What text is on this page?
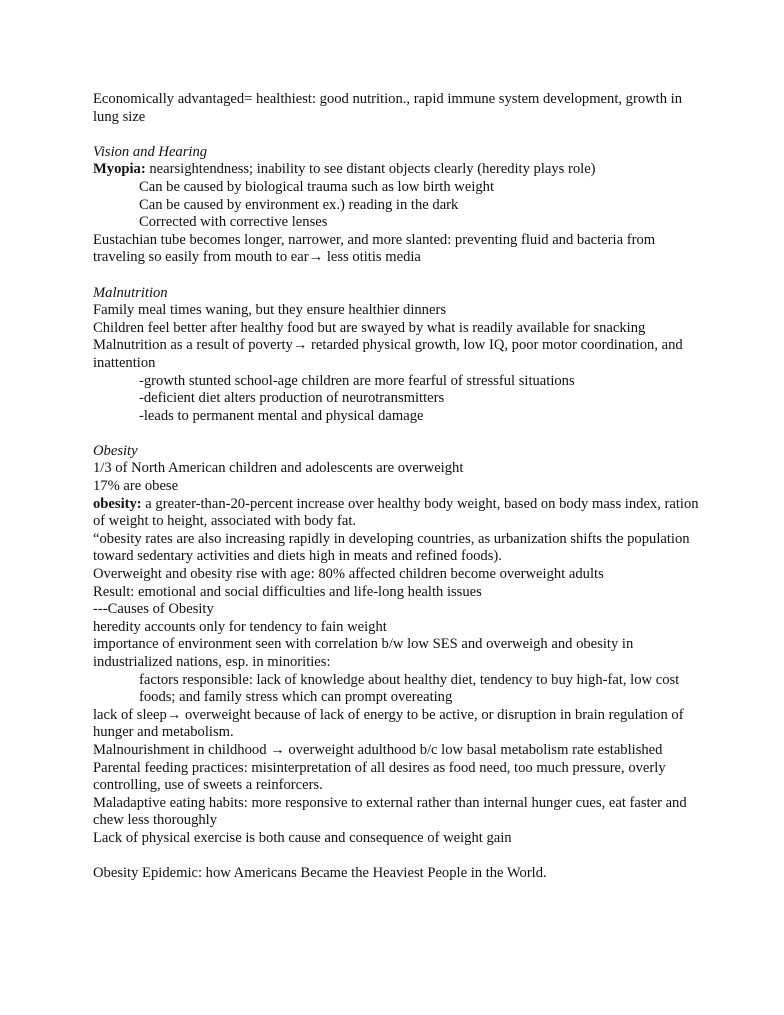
Economically advantaged= healthiest: good nutrition., rapid immune system development, growth in lung size

Vision and Hearing

Myopia: nearsightendness; inability to see distant objects clearly (heredity plays role)

Can be caused by biological trauma such as low birth weight

Can be caused by environment ex.) reading in the dark

Corrected with corrective lenses

Eustachian tube becomes longer, narrower, and more slanted: preventing fluid and bacteria from traveling so easily from mouth to ear→ less otitis media

Malnutrition

Family meal times waning, but they ensure healthier dinners

Children feel better after healthy food but are swayed by what is readily available for snacking

Malnutrition as a result of poverty→ retarded physical growth, low IQ, poor motor coordination, and inattention

-growth stunted school-age children are more fearful of stressful situations

-deficient diet alters production of neurotransmitters

-leads to permanent mental and physical damage

Obesity

1/3 of North American children and adolescents are overweight

17% are obese

obesity: a greater-than-20-percent increase over healthy body weight, based on body mass index, ration of weight to height, associated with body fat.

“obesity rates are also increasing rapidly in developing countries, as urbanization shifts the population toward sedentary activities and diets high in meats and refined foods).

Overweight and obesity rise with age: 80% affected children become overweight adults

Result: emotional and social difficulties and life-long health issues

---Causes of Obesity

heredity accounts only for tendency to fain weight

importance of environment seen with correlation b/w low SES and overweigh and obesity in industrialized nations, esp. in minorities:

factors responsible: lack of knowledge about healthy diet, tendency to buy high-fat, low cost foods; and family stress which can prompt overeating

lack of sleep→ overweight because of lack of energy to be active, or disruption in brain regulation of hunger and metabolism.

Malnourishment in childhood → overweight adulthood b/c low basal metabolism rate established

Parental feeding practices: misinterpretation of all desires as food need, too much pressure, overly controlling, use of sweets a reinforcers.

Maladaptive eating habits: more responsive to external rather than internal hunger cues, eat faster and chew less thoroughly

Lack of physical exercise is both cause and consequence of weight gain

Obesity Epidemic: how Americans Became the Heaviest People in the World.
